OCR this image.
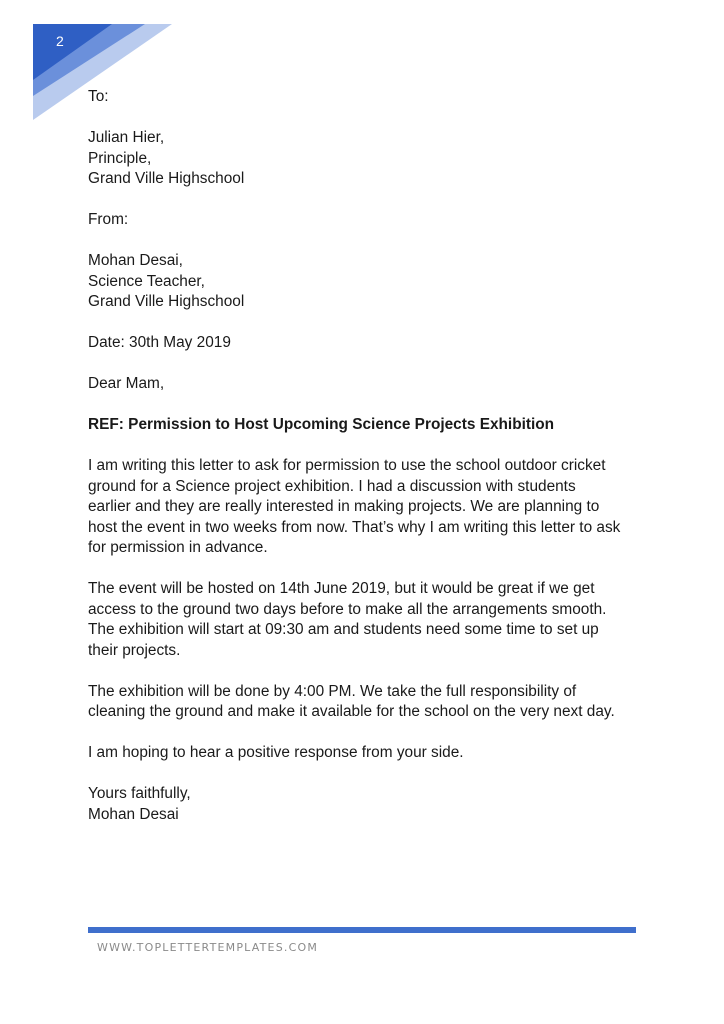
2

To:

Julian Hier,
Principle,
Grand Ville Highschool

From:

Mohan Desai,
Science Teacher,
Grand Ville Highschool

Date: 30th May 2019

Dear Mam,

REF: Permission to Host Upcoming Science Projects Exhibition

I am writing this letter to ask for permission to use the school outdoor cricket
ground for a Science project exhibition. I had a discussion with students
earlier and they are really interested in making projects. We are planning to
host the event in two weeks from now. That’s why I am writing this letter to ask
for permission in advance.

The event will be hosted on 14th June 2019, but it would be great if we get
access to the ground two days before to make all the arrangements smooth.
The exhibition will start at 09:30 am and students need some time to set up
their projects.

The exhibition will be done by 4:00 PM. We take the full responsibility of
cleaning the ground and make it available for the school on the very next day.

I am hoping to hear a positive response from your side.

Yours faithfully,
Mohan Desai

WWW.TOPLETTERTEMPLATES.COM
